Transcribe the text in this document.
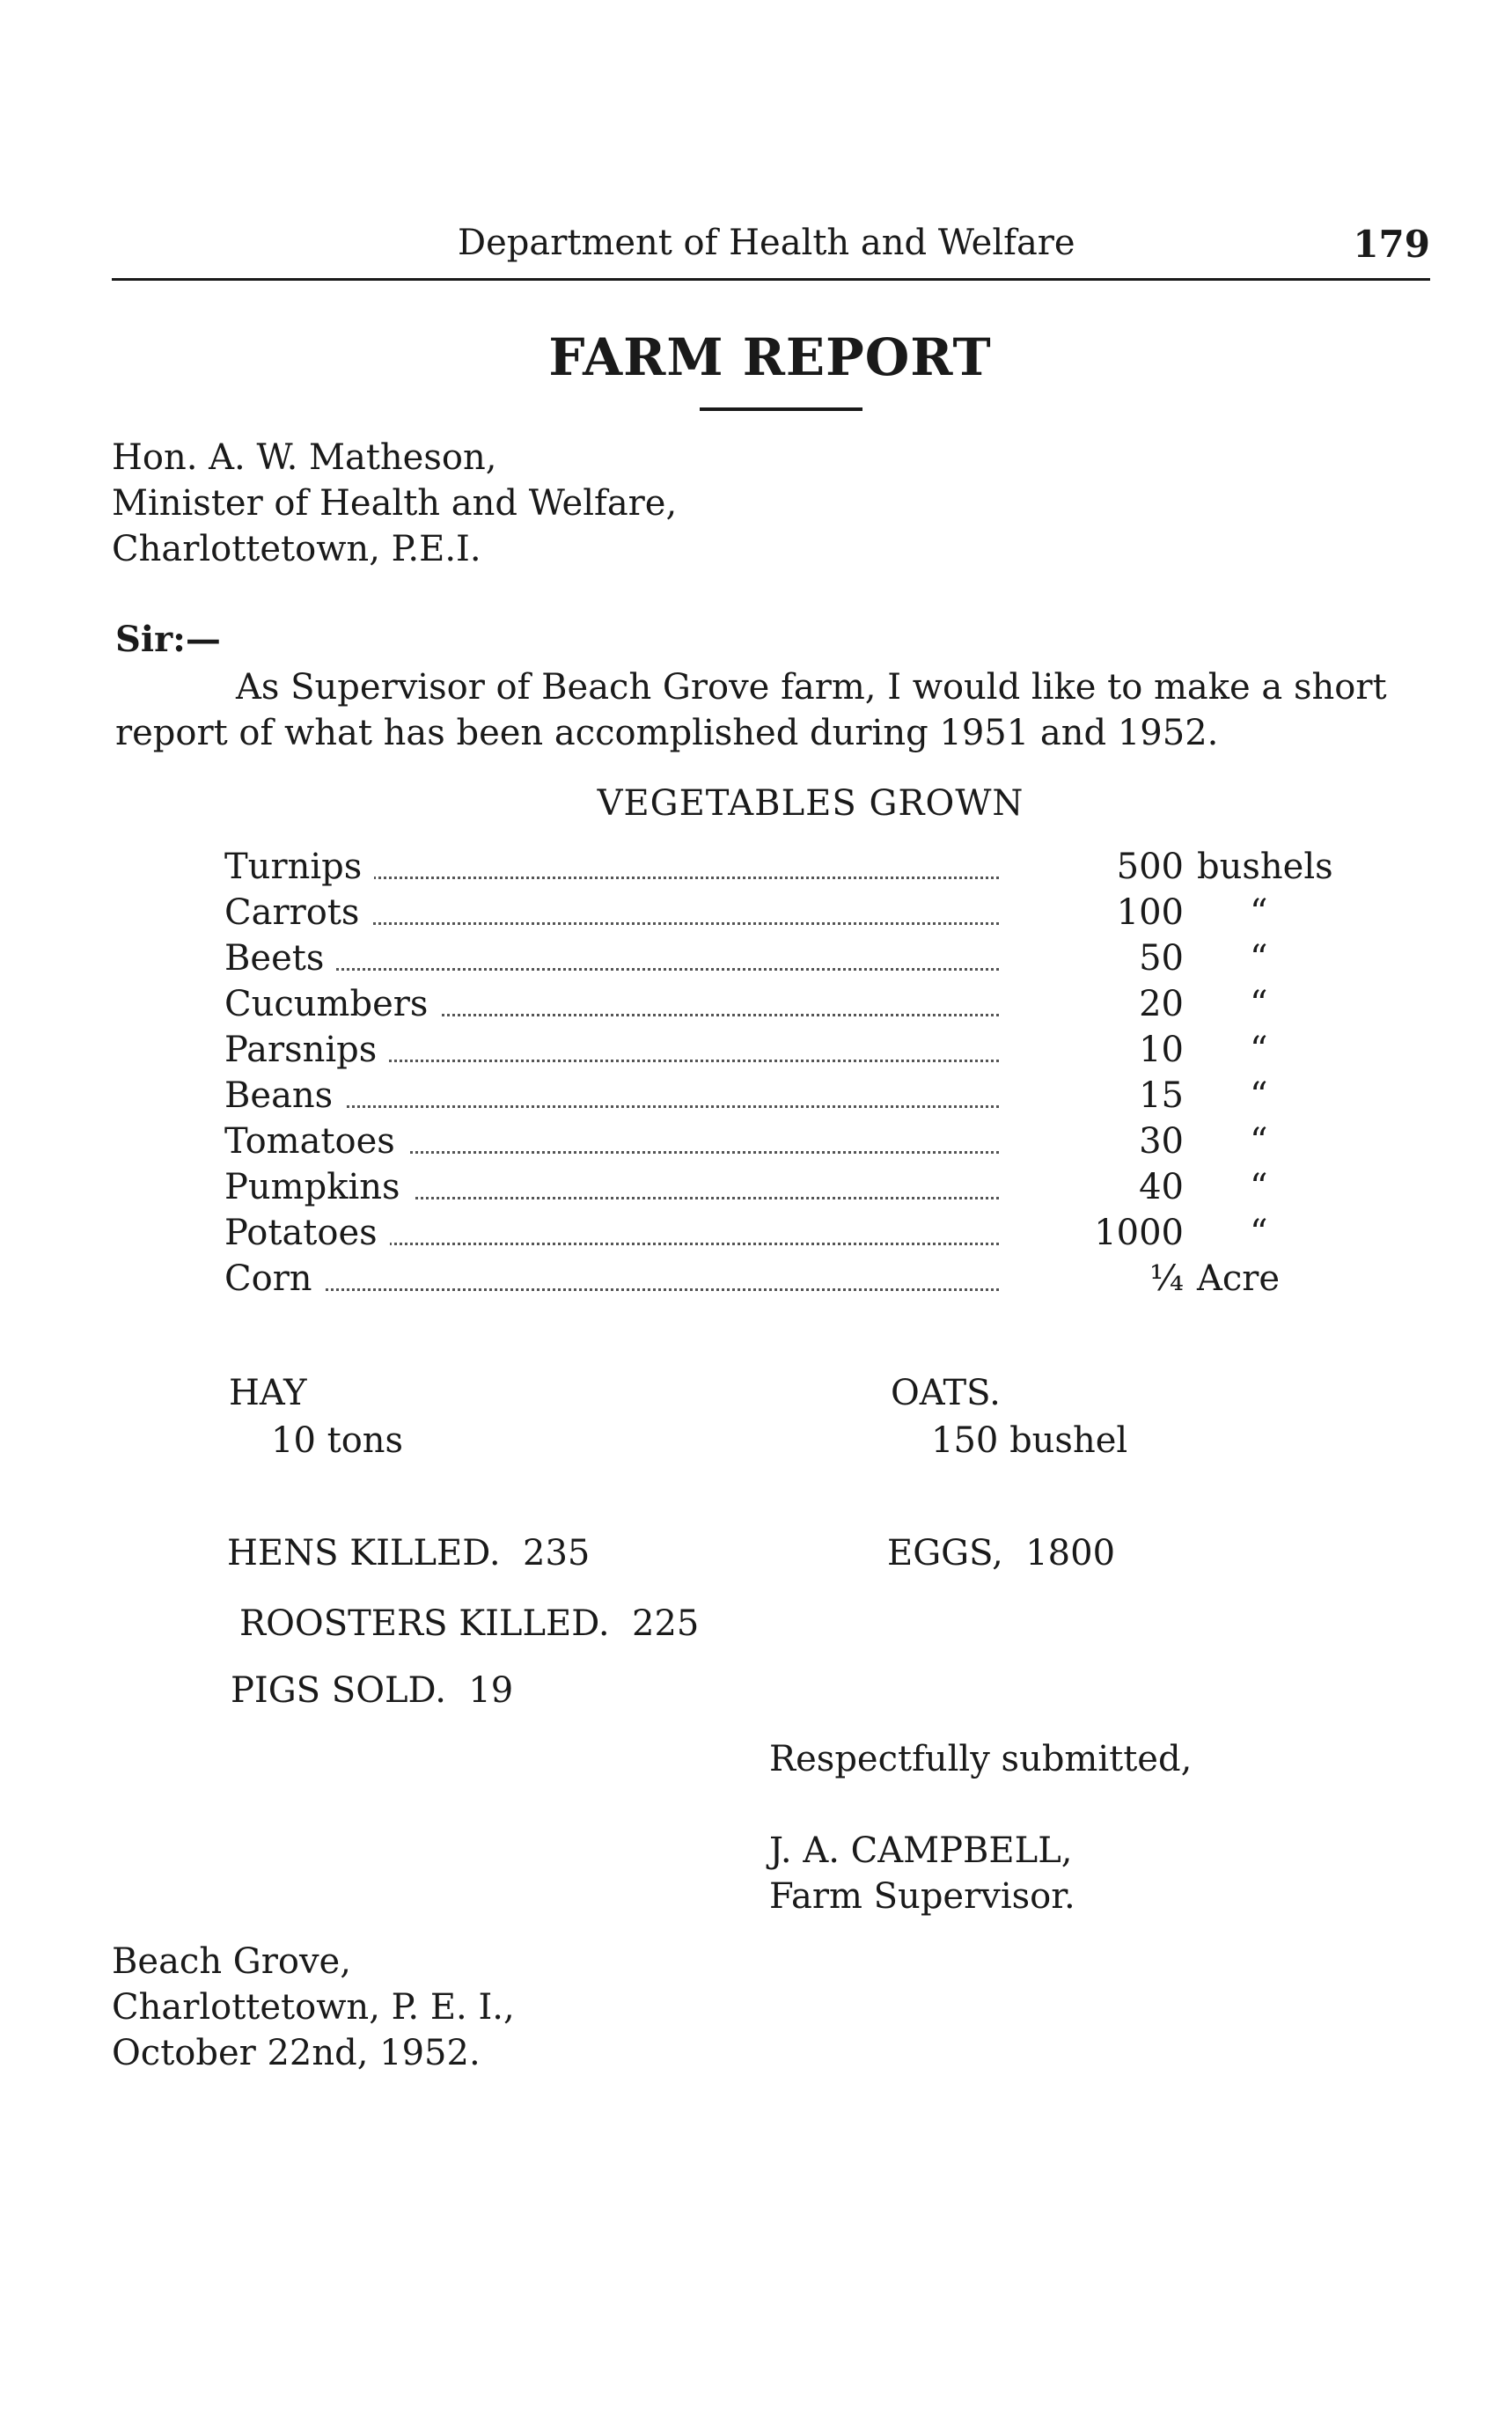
Department of Health and Welfare	179
FARM REPORT
Hon. A. W. Matheson,
Minister of Health and Welfare,
Charlottetown, P.E.I.
Sir:—
As Supervisor of Beach Grove farm, I would like to make a short
report of what has been accomplished during 1951 and 1952.
VEGETABLES GROWN
Turnips	500 bushels
Carrots	100 “
Beets	50 “
Cucumbers	20 “
Parsnips	10 “
Beans	15 “
Tomatoes	30 “
Pumpkins	40 “
Potatoes	1000 “
Corn	¼ Acre
HAY
10 tons
OATS.
150 bushel
HENS KILLED.  235	EGGS,  1800
ROOSTERS KILLED.  225
PIGS SOLD.  19
Respectfully submitted,
J. A. CAMPBELL,
Farm Supervisor.
Beach Grove,
Charlottetown, P. E. I.,
October 22nd, 1952.
